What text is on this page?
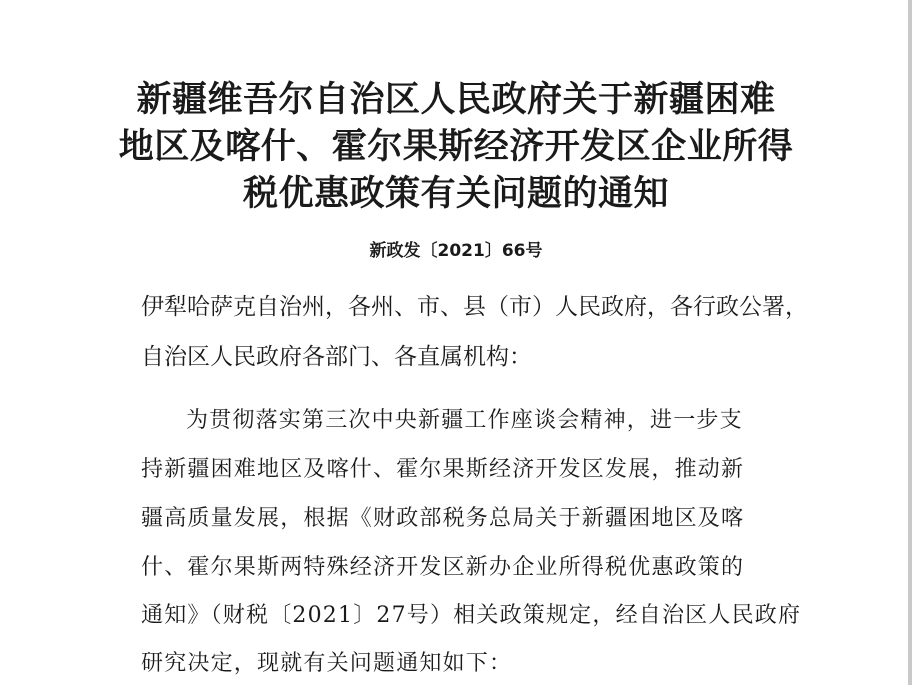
新疆维吾尔自治区人民政府关于新疆困难
地区及喀什、霍尔果斯经济开发区企业所得
税优惠政策有关问题的通知
新政发〔2021〕66号
伊犁哈萨克自治州，各州、市、县（市）人民政府，各行政公署，
自治区人民政府各部门、各直属机构：
为贯彻落实第三次中央新疆工作座谈会精神，进一步支
持新疆困难地区及喀什、霍尔果斯经济开发区发展，推动新
疆高质量发展，根据《财政部税务总局关于新疆困地区及喀
什、霍尔果斯两特殊经济开发区新办企业所得税优惠政策的
通知》（财税〔2021〕27号）相关政策规定，经自治区人民政府
研究决定，现就有关问题通知如下：
